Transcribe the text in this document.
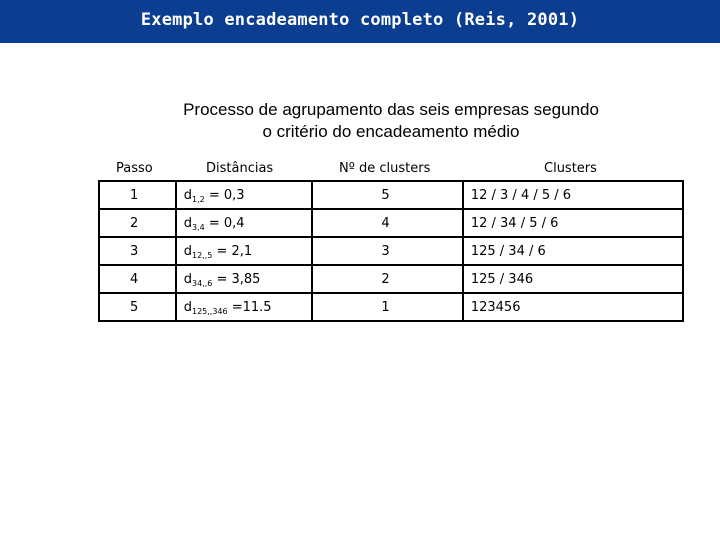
Exemplo encadeamento completo (Reis, 2001)

Processo de agrupamento das seis empresas segundo
o critério do encadeamento médio

Passo	Distâncias	Nº de clusters	Clusters
1	$d_{1,2} = 0,3$	5	12 / 3 / 4 / 5 / 6
2	$d_{3,4} = 0,4$	4	12 / 34 / 5 / 6
3	$d_{12,,5} = 2,1$	3	125 / 34 / 6
4	$d_{34,,6} = 3,85$	2	125 / 346
5	$d_{125,,346} =11.5$	1	123456
